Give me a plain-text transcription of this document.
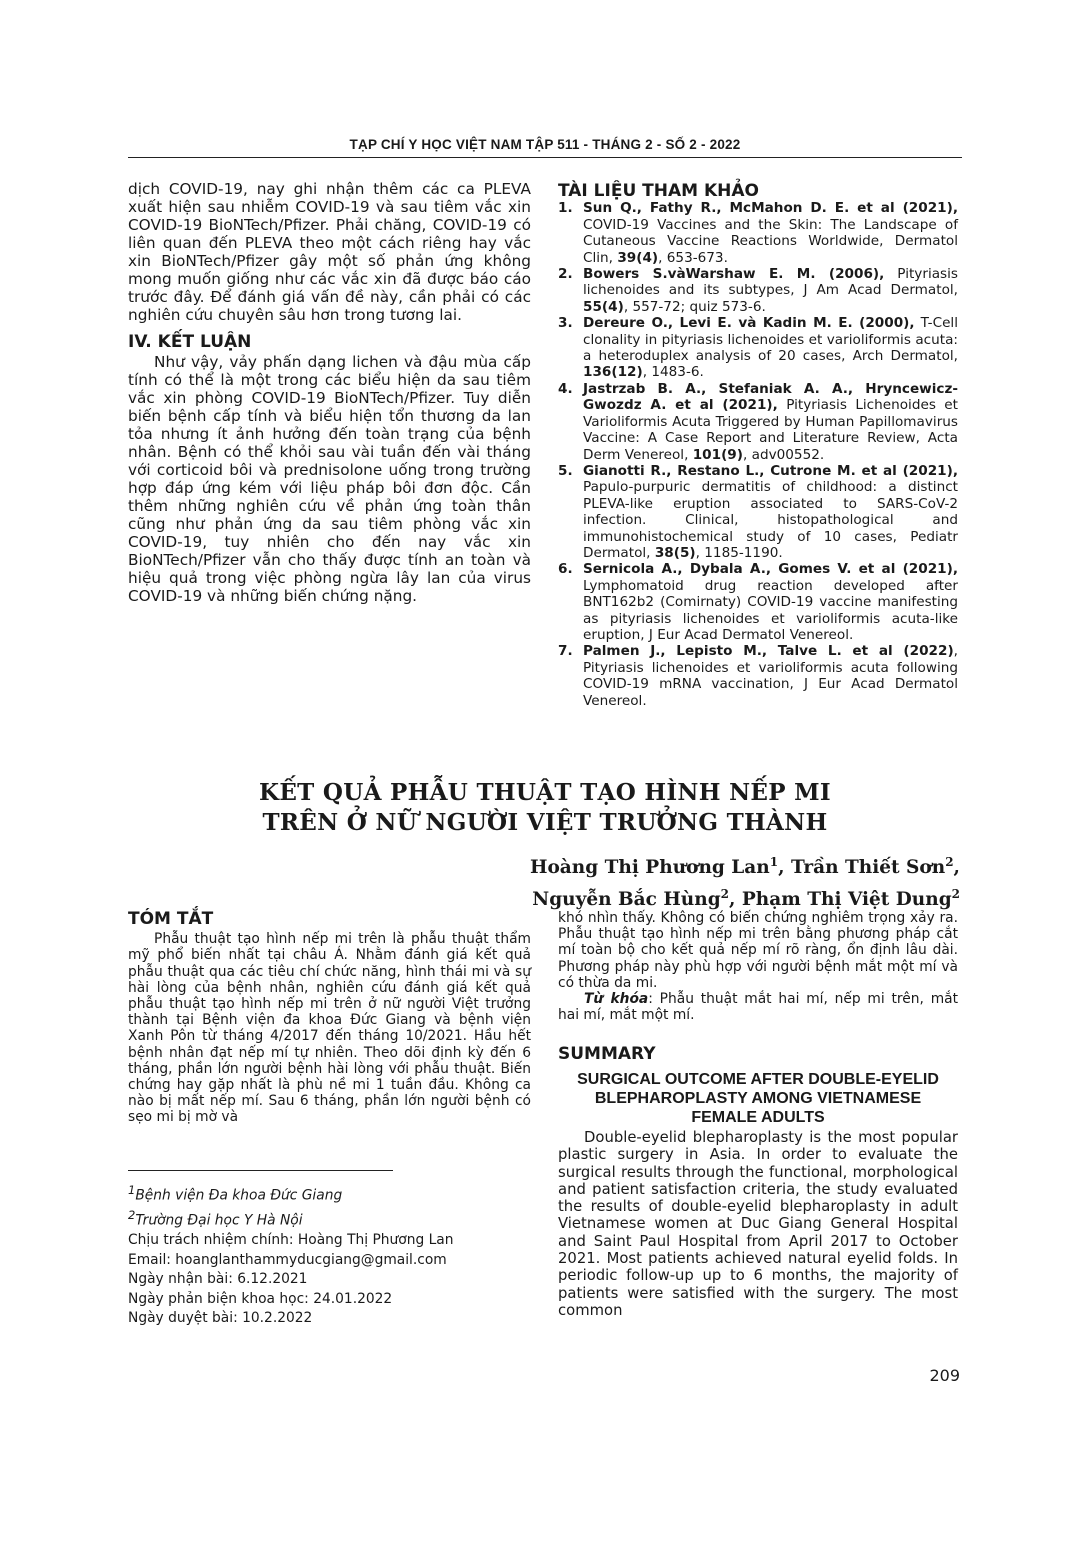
TẠP CHÍ Y HỌC VIỆT NAM TẬP 511 - THÁNG 2 - SỐ 2 - 2022

dịch COVID-19, nay ghi nhận thêm các ca PLEVA xuất hiện sau nhiễm COVID-19 và sau tiêm vắc xin COVID-19 BioNTech/Pfizer. Phải chăng, COVID-19 có liên quan đến PLEVA theo một cách riêng hay vắc xin BioNTech/Pfizer gây một số phản ứng không mong muốn giống như các vắc xin đã được báo cáo trước đây. Để đánh giá vấn đề này, cần phải có các nghiên cứu chuyên sâu hơn trong tương lai.

IV. KẾT LUẬN

Như vậy, vảy phấn dạng lichen và đậu mùa cấp tính có thể là một trong các biểu hiện da sau tiêm vắc xin phòng COVID-19 BioNTech/Pfizer. Tuy diễn biến bệnh cấp tính và biểu hiện tổn thương da lan tỏa nhưng ít ảnh hưởng đến toàn trạng của bệnh nhân. Bệnh có thể khỏi sau vài tuần đến vài tháng với corticoid bôi và prednisolone uống trong trường hợp đáp ứng kém với liệu pháp bôi đơn độc. Cần thêm những nghiên cứu về phản ứng toàn thân cũng như phản ứng da sau tiêm phòng vắc xin COVID-19, tuy nhiên cho đến nay vắc xin BioNTech/Pfizer vẫn cho thấy được tính an toàn và hiệu quả trong việc phòng ngừa lây lan của virus COVID-19 và những biến chứng nặng.

TÀI LIỆU THAM KHẢO

1. Sun Q., Fathy R., McMahon D. E. et al (2021), COVID-19 Vaccines and the Skin: The Landscape of Cutaneous Vaccine Reactions Worldwide, Dermatol Clin, 39(4), 653-673.
2. Bowers S.vàWarshaw E. M. (2006), Pityriasis lichenoides and its subtypes, J Am Acad Dermatol, 55(4), 557-72; quiz 573-6.
3. Dereure O., Levi E. và Kadin M. E. (2000), T-Cell clonality in pityriasis lichenoides et varioliformis acuta: a heteroduplex analysis of 20 cases, Arch Dermatol, 136(12), 1483-6.
4. Jastrzab B. A., Stefaniak A. A., Hryncewicz-Gwozdz A. et al (2021), Pityriasis Lichenoides et Varioliformis Acuta Triggered by Human Papillomavirus Vaccine: A Case Report and Literature Review, Acta Derm Venereol, 101(9), adv00552.
5. Gianotti R., Restano L., Cutrone M. et al (2021), Papulo-purpuric dermatitis of childhood: a distinct PLEVA-like eruption associated to SARS-CoV-2 infection. Clinical, histopathological and immunohistochemical study of 10 cases, Pediatr Dermatol, 38(5), 1185-1190.
6. Sernicola A., Dybala A., Gomes V. et al (2021), Lymphomatoid drug reaction developed after BNT162b2 (Comirnaty) COVID-19 vaccine manifesting as pityriasis lichenoides et varioliformis acuta-like eruption, J Eur Acad Dermatol Venereol.
7. Palmen J., Lepisto M., Talve L. et al (2022), Pityriasis lichenoides et varioliformis acuta following COVID-19 mRNA vaccination, J Eur Acad Dermatol Venereol.
KẾT QUẢ PHẪU THUẬT TẠO HÌNH NẾP MI
TRÊN Ở NỮ NGƯỜI VIỆT TRƯỞNG THÀNH
Hoàng Thị Phương Lan$^1$, Trần Thiết Sơn$^2$,
Nguyễn Bắc Hùng$^2$, Phạm Thị Việt Dung$^2$

TÓM TẮT

Phẫu thuật tạo hình nếp mi trên là phẫu thuật thẩm mỹ phổ biến nhất tại châu Á. Nhằm đánh giá kết quả phẫu thuật qua các tiêu chí chức năng, hình thái mi và sự hài lòng của bệnh nhân, nghiên cứu đánh giá kết quả phẫu thuật tạo hình nếp mi trên ở nữ người Việt trưởng thành tại Bệnh viện đa khoa Đức Giang và bệnh viện Xanh Pôn từ tháng 4/2017 đến tháng 10/2021. Hầu hết bệnh nhân đạt nếp mí tự nhiên. Theo dõi định kỳ đến 6 tháng, phần lớn người bệnh hài lòng với phẫu thuật. Biến chứng hay gặp nhất là phù nề mi 1 tuần đầu. Không ca nào bị mất nếp mí. Sau 6 tháng, phần lớn người bệnh có sẹo mi bị mờ và

$^1$Bệnh viện Đa khoa Đức Giang

$^2$Trường Đại học Y Hà Nội

Chịu trách nhiệm chính: Hoàng Thị Phương Lan

Email: hoanglanthammyducgiang@gmail.com

Ngày nhận bài: 6.12.2021

Ngày phản biện khoa học: 24.01.2022

Ngày duyệt bài: 10.2.2022

khó nhìn thấy. Không có biến chứng nghiêm trọng xảy ra. Phẫu thuật tạo hình nếp mi trên bằng phương pháp cắt mí toàn bộ cho kết quả nếp mí rõ ràng, ổn định lâu dài. Phương pháp này phù hợp với người bệnh mắt một mí và có thừa da mi.

Từ khóa: Phẫu thuật mắt hai mí, nếp mi trên, mắt hai mí, mắt một mí.

SUMMARY

SURGICAL OUTCOME AFTER DOUBLE-EYELID BLEPHAROPLASTY AMONG VIETNAMESE FEMALE ADULTS

Double-eyelid blepharoplasty is the most popular plastic surgery in Asia. In order to evaluate the surgical results through the functional, morphological and patient satisfaction criteria, the study evaluated the results of double-eyelid blepharoplasty in adult Vietnamese women at Duc Giang General Hospital and Saint Paul Hospital from April 2017 to October 2021. Most patients achieved natural eyelid folds. In periodic follow-up up to 6 months, the majority of patients were satisfied with the surgery. The most common

209
